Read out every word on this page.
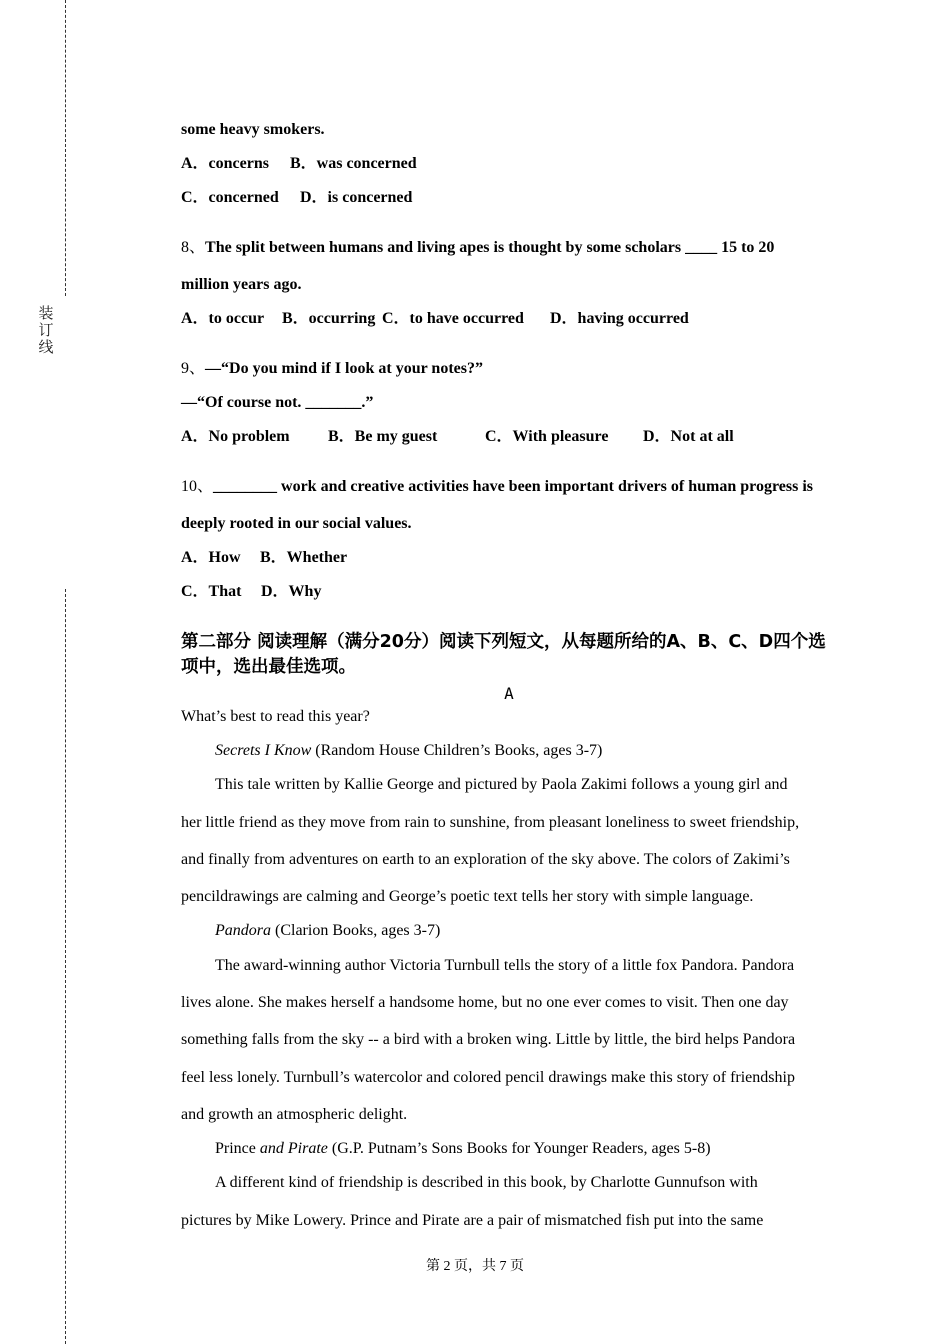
装
订
线
some heavy smokers.
A．concerns B．was concerned
C．concerned D．is concerned
8、The split between humans and living apes is thought by some scholars ____ 15 to 20
million years ago.
A．to occur B．occurring C．to have occurred D．having occurred
9、—“Do you mind if I look at your notes?”
—“Of course not. _______.”
A．No problem B．Be my guest	C．With pleasure D．Not at all
10、________ work and creative activities have been important drivers of human progress is
deeply rooted in our social values.
A．How B．Whether
C．That D．Why
第二部分 阅读理解（满分20分）阅读下列短文，从每题所给的A、B、C、D四个选项中，选出最佳选项。
A
What’s best to read this year?
Secrets I Know (Random House Children’s Books, ages 3-7)
This tale written by Kallie George and pictured by Paola Zakimi follows a young girl and
her little friend as they move from rain to sunshine, from pleasant loneliness to sweet friendship,
and finally from adventures on earth to an exploration of the sky above. The colors of Zakimi’s
pencildrawings are calming and George’s poetic text tells her story with simple language.
Pandora (Clarion Books, ages 3-7)
The award-winning author Victoria Turnbull tells the story of a little fox Pandora. Pandora
lives alone. She makes herself a handsome home, but no one ever comes to visit. Then one day
something falls from the sky -- a bird with a broken wing. Little by little, the bird helps Pandora
feel less lonely. Turnbull’s watercolor and colored pencil drawings make this story of friendship
and growth an atmospheric delight.
Prince and Pirate (G.P. Putnam’s Sons Books for Younger Readers, ages 5-8)
A different kind of friendship is described in this book, by Charlotte Gunnufson with
pictures by Mike Lowery. Prince and Pirate are a pair of mismatched fish put into the same
第 2 页，共 7 页
